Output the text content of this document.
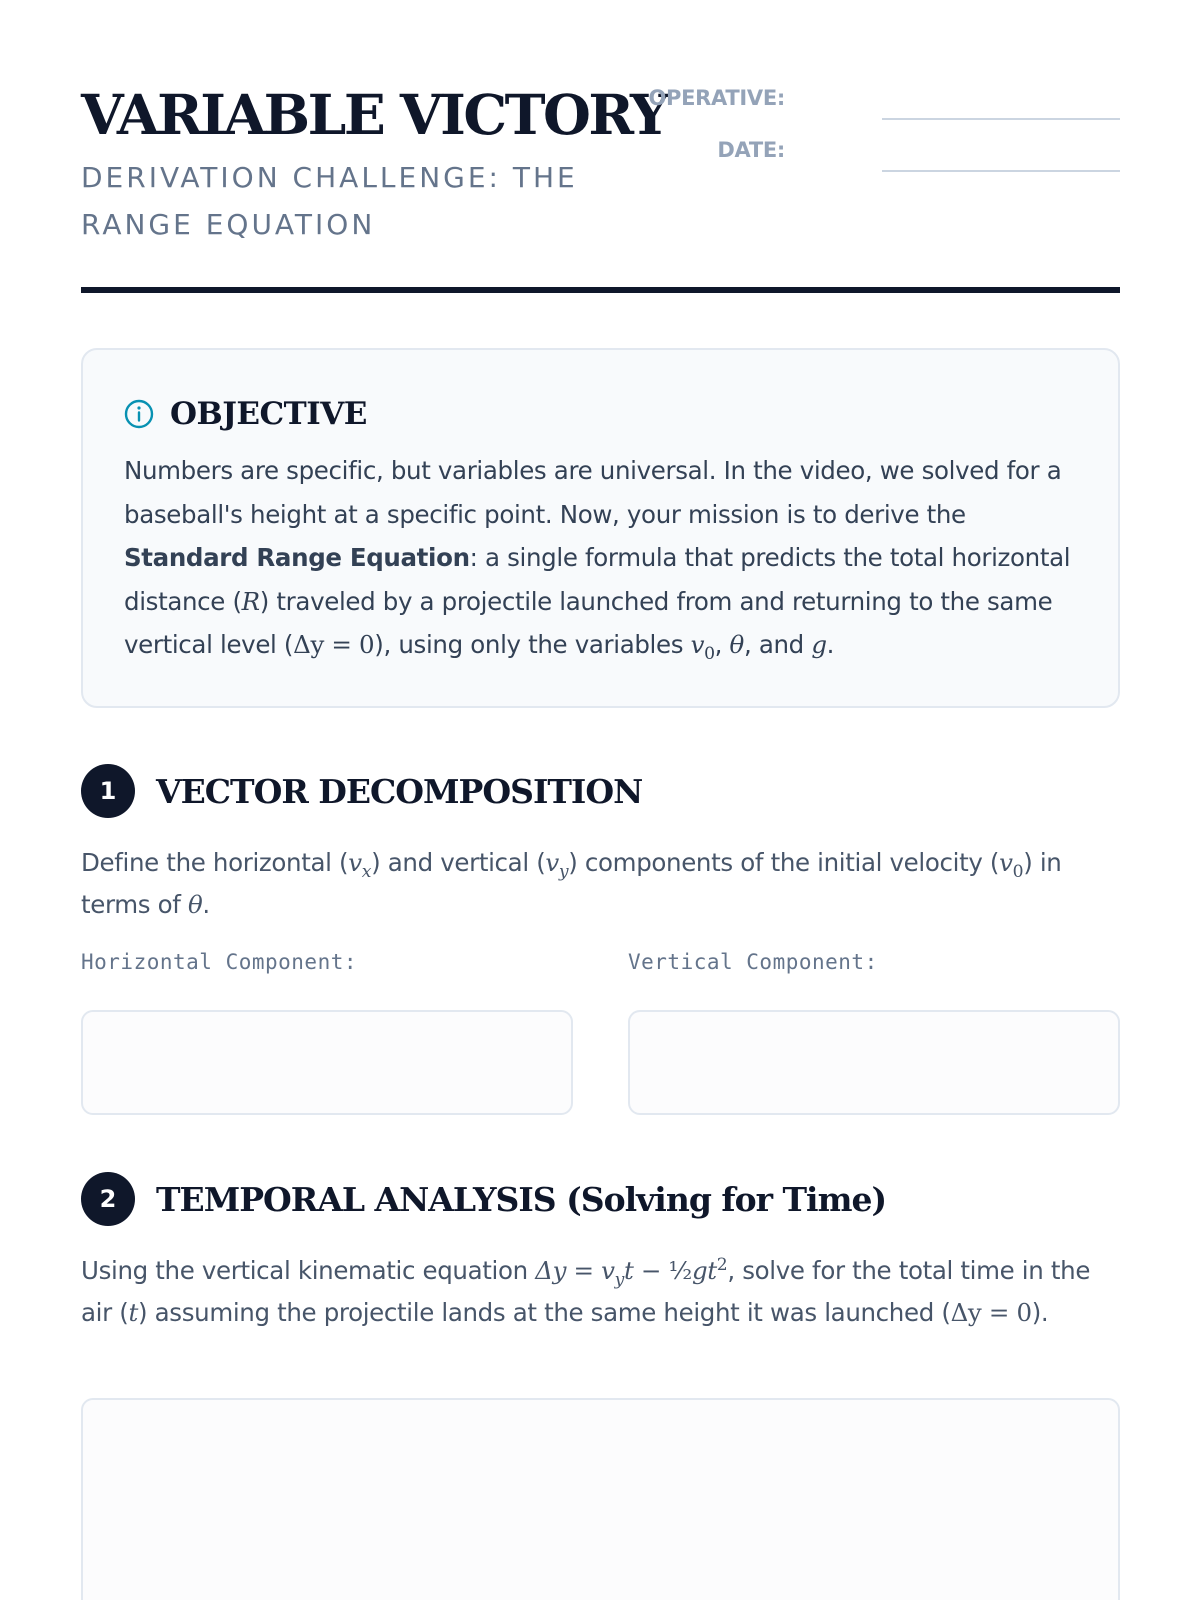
VARIABLE VICTORY
DERIVATION CHALLENGE: THE RANGE EQUATION
OPERATIVE:
DATE:
OBJECTIVE

Numbers are specific, but variables are universal. In the video, we solved for a baseball's height at a specific point. Now, your mission is to derive the Standard Range Equation: a single formula that predicts the total horizontal distance (R) traveled by a projectile launched from and returning to the same vertical level (Δy = 0), using only the variables $v_0$, θ, and g.

1	VECTOR DECOMPOSITION

Define the horizontal $(v_x)$ and vertical $(v_y)$ components of the initial velocity $(v_0)$ in terms of θ.

Horizontal Component:	Vertical Component:
2	TEMPORAL ANALYSIS (Solving for Time)

Using the vertical kinematic equation $\Delta y = v_yt$ − $\frac{1}{2}gt^2$, solve for the total time in the air (t) assuming the projectile lands at the same height it was launched (Δy = 0).
